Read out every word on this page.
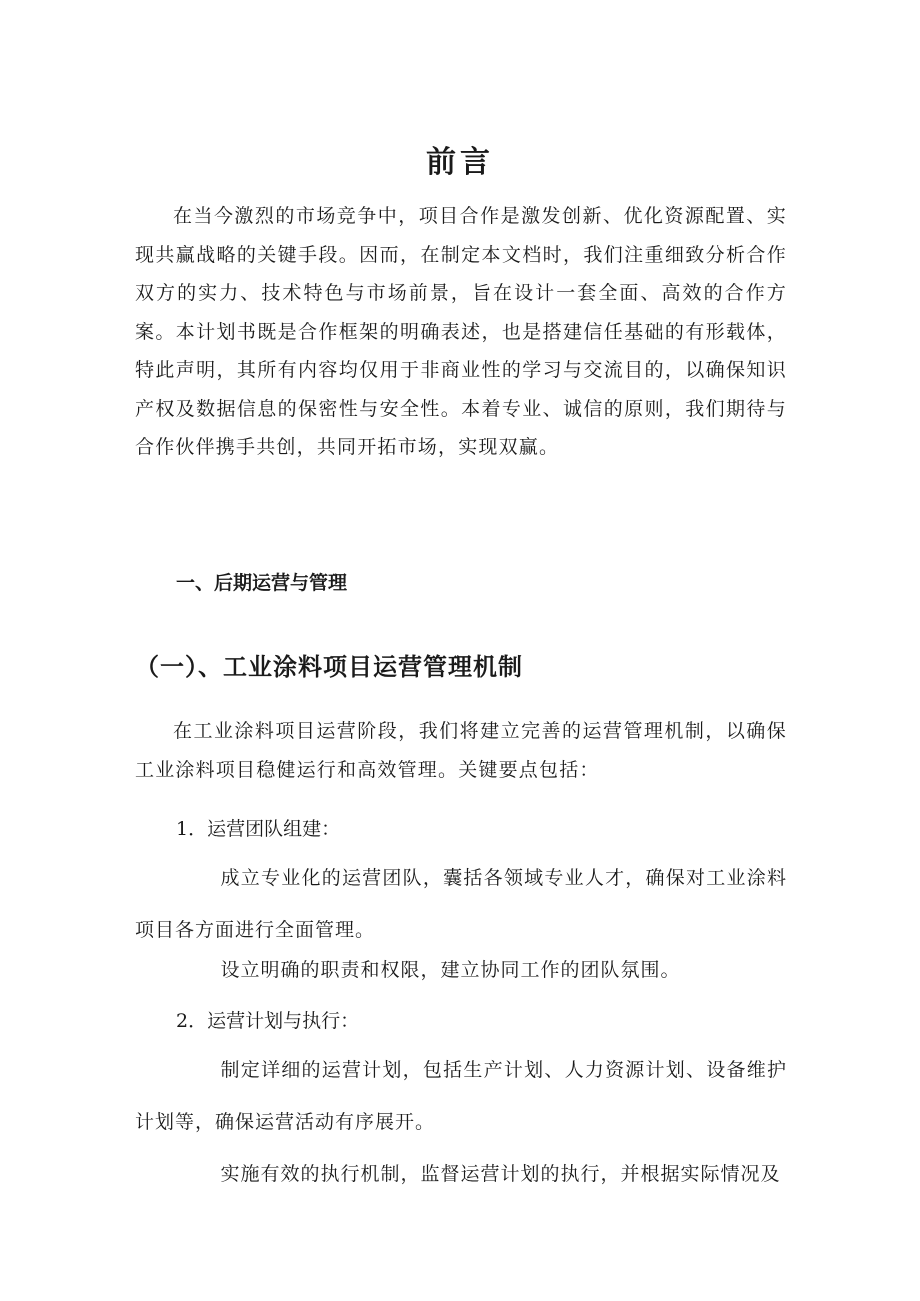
前言

在当今激烈的市场竞争中，项目合作是激发创新、优化资源配置、实现共赢战略的关键手段。因而，在制定本文档时，我们注重细致分析合作双方的实力、技术特色与市场前景，旨在设计一套全面、高效的合作方案。本计划书既是合作框架的明确表述，也是搭建信任基础的有形载体，特此声明，其所有内容均仅用于非商业性的学习与交流目的，以确保知识产权及数据信息的保密性与安全性。本着专业、诚信的原则，我们期待与合作伙伴携手共创，共同开拓市场，实现双赢。

一、后期运营与管理
（一）、工业涂料项目运营管理机制

在工业涂料项目运营阶段，我们将建立完善的运营管理机制，以确保工业涂料项目稳健运行和高效管理。关键要点包括：

1．运营团队组建：

成立专业化的运营团队，囊括各领域专业人才，确保对工业涂料项目各方面进行全面管理。

设立明确的职责和权限，建立协同工作的团队氛围。

2．运营计划与执行：

制定详细的运营计划，包括生产计划、人力资源计划、设备维护计划等，确保运营活动有序展开。

实施有效的执行机制，监督运营计划的执行，并根据实际情况及
